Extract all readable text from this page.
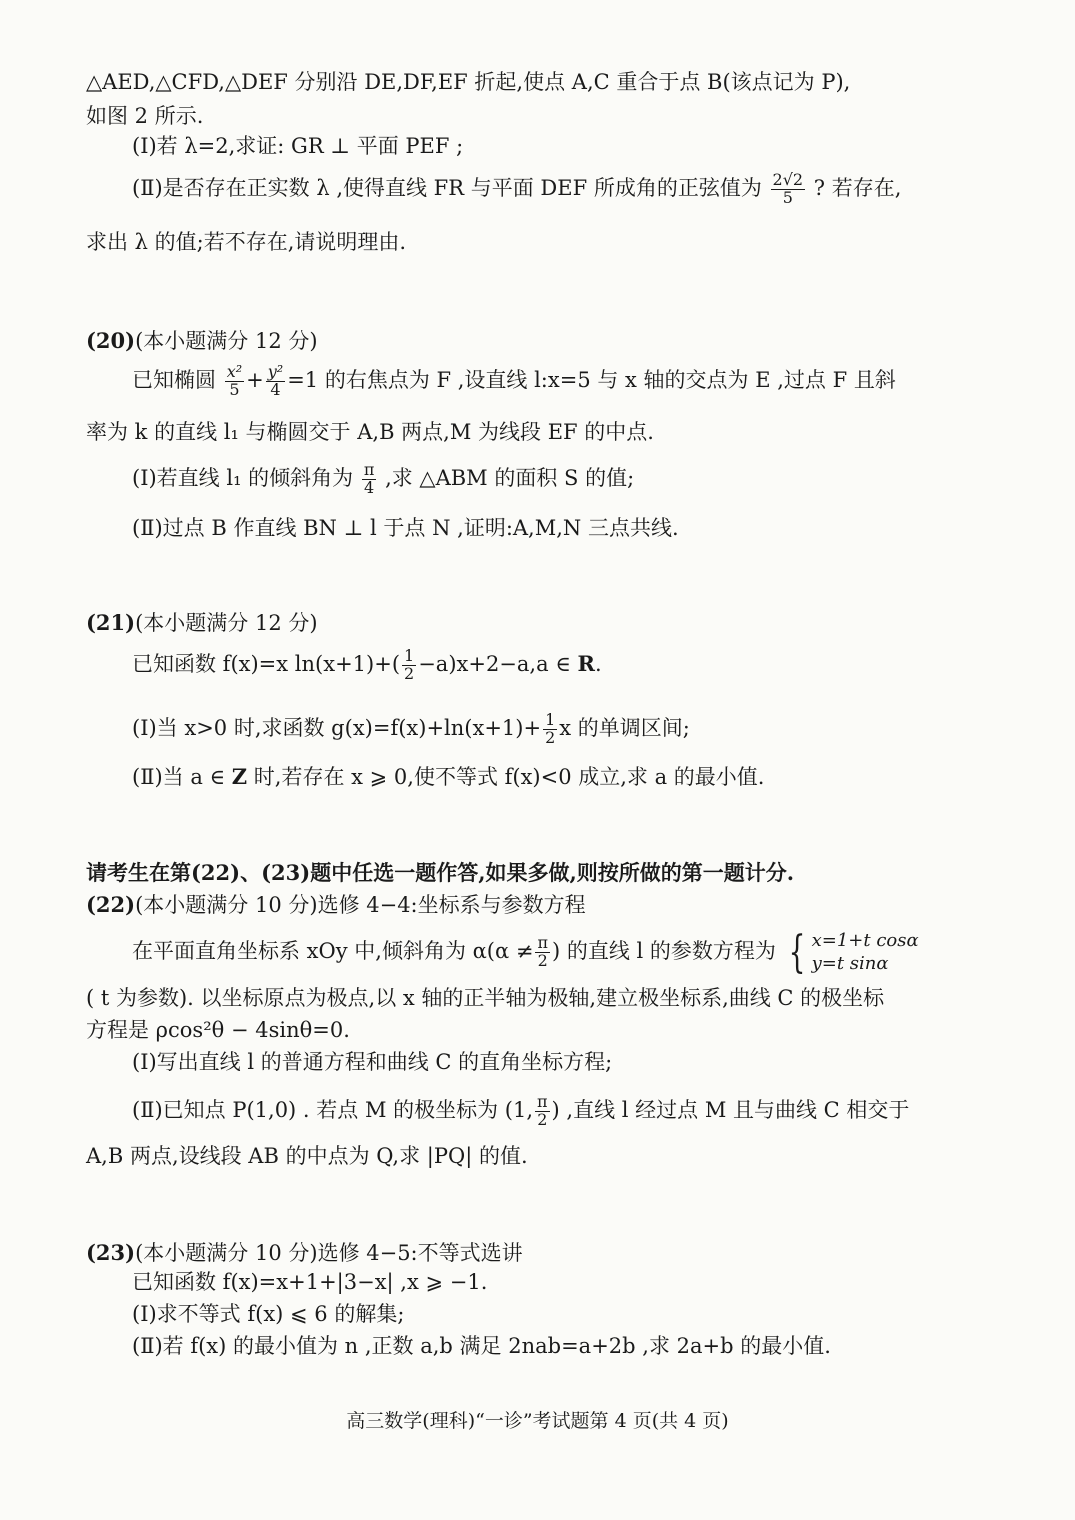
△AED,△CFD,△DEF 分别沿 DE,DF,EF 折起,使点 A,C 重合于点 B(该点记为 P),
如图 2 所示.
(Ⅰ)若 λ=2,求证: GR ⊥ 平面 PEF ;
(Ⅱ)是否存在正实数 λ ,使得直线 FR 与平面 DEF 所成角的正弦值为 $\frac{2√2}{5}$ ? 若存在,
求出 λ 的值;若不存在,请说明理由.
(20)(本小题满分 12 分)
已知椭圆 $\frac{\text{x²}}{5} + \frac{\text{y²}}{4} =1$ 的右焦点为 F ,设直线 l:x=5 与 x 轴的交点为 E ,过点 F 且斜
率为 k 的直线 l₁ 与椭圆交于 A,B 两点,M 为线段 EF 的中点.
(Ⅰ)若直线 l₁ 的倾斜角为 $\frac{\pi}{4}$ ,求 △ABM 的面积 S 的值;
(Ⅱ)过点 B 作直线 BN ⊥ l 于点 N ,证明:A,M,N 三点共线.
(21)(本小题满分 12 分)
已知函数 f(x)=x $\ln(x+1)+( \frac{1}{2} -a)x+2-a,a$ ∈ R.
(Ⅰ)当 x>0 时,求函数 $g(x)=f(x)+\ln(x+1)+ \frac{1}{2}$ x 的单调区间;
(Ⅱ)当 a ∈ Z 时,若存在 x ⩾ 0,使不等式 f(x)<0 成立,求 a 的最小值.
请考生在第(22)、(23)题中任选一题作答,如果多做,则按所做的第一题计分.
(22)(本小题满分 10 分)选修 4−4:坐标系与参数方程
在平面直角坐标系 xOy 中,倾斜角为 $\alpha(\alpha \ne \frac{\pi}{2}$ ) 的直线 l 的参数方程为 { x=1+t cosα
y=t sinα
( t 为参数). 以坐标原点为极点,以 x 轴的正半轴为极轴,建立极坐标系,曲线 C 的极坐标
方程是 ρcos²θ − 4sinθ=0.
(Ⅰ)写出直线 l 的普通方程和曲线 C 的直角坐标方程;
(Ⅱ)已知点 P(1,0) . 若点 M 的极坐标为 (1, $\frac{\pi}{2}$ ) ,直线 l 经过点 M 且与曲线 C 相交于
A,B 两点,设线段 AB 的中点为 Q,求 |PQ| 的值.
(23)(本小题满分 10 分)选修 4−5:不等式选讲
已知函数 f(x)=x+1+|3−x| ,x ⩾ −1.
(Ⅰ)求不等式 f(x) ⩽ 6 的解集;
(Ⅱ)若 f(x) 的最小值为 n ,正数 a,b 满足 2nab=a+2b ,求 2a+b 的最小值.
高三数学(理科)“一诊”考试题第 4 页(共 4 页)
